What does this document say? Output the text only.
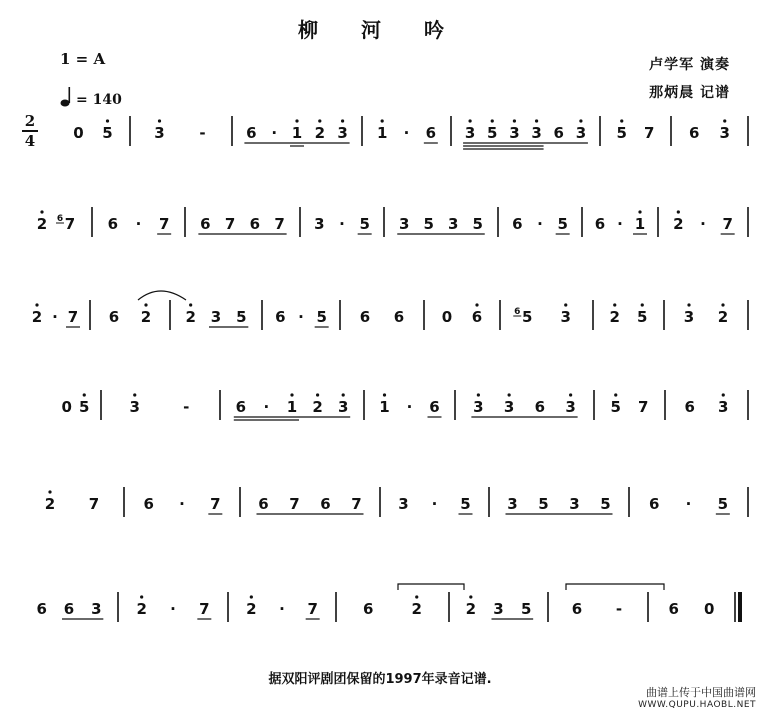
柳 河 吟
1 = A
= 140
卢学军 演奏
那炳晨 记谱
2
4	0 5	3 -	6 · 1 2 3 1 · 6 3 5 3 3 6 3 5 7 6 3
2 7
6	6 · 7 6 7 6 7 3 · 5 3 5 3 5 6 · 5 6 · 1 2 · 7
2 · 7 6 2 2 3 5 6 · 5 6 6	0 6	5
6	3	2 5 3 2
0 5	3	-	6 · 1 2 3 1 · 6 3 3 6 3 5 7 6 3
2 7	6 · 7	6 7 6 7 3 · 5 3 5 3 5	6 · 5
6 6 3 2 · 7 2 · 7	6	2	2 3 5	6 -	6 0
据双阳评剧团保留的1997年录音记谱.
曲谱上传于中国曲谱网
WWW.QUPU.HAOBL.NET
